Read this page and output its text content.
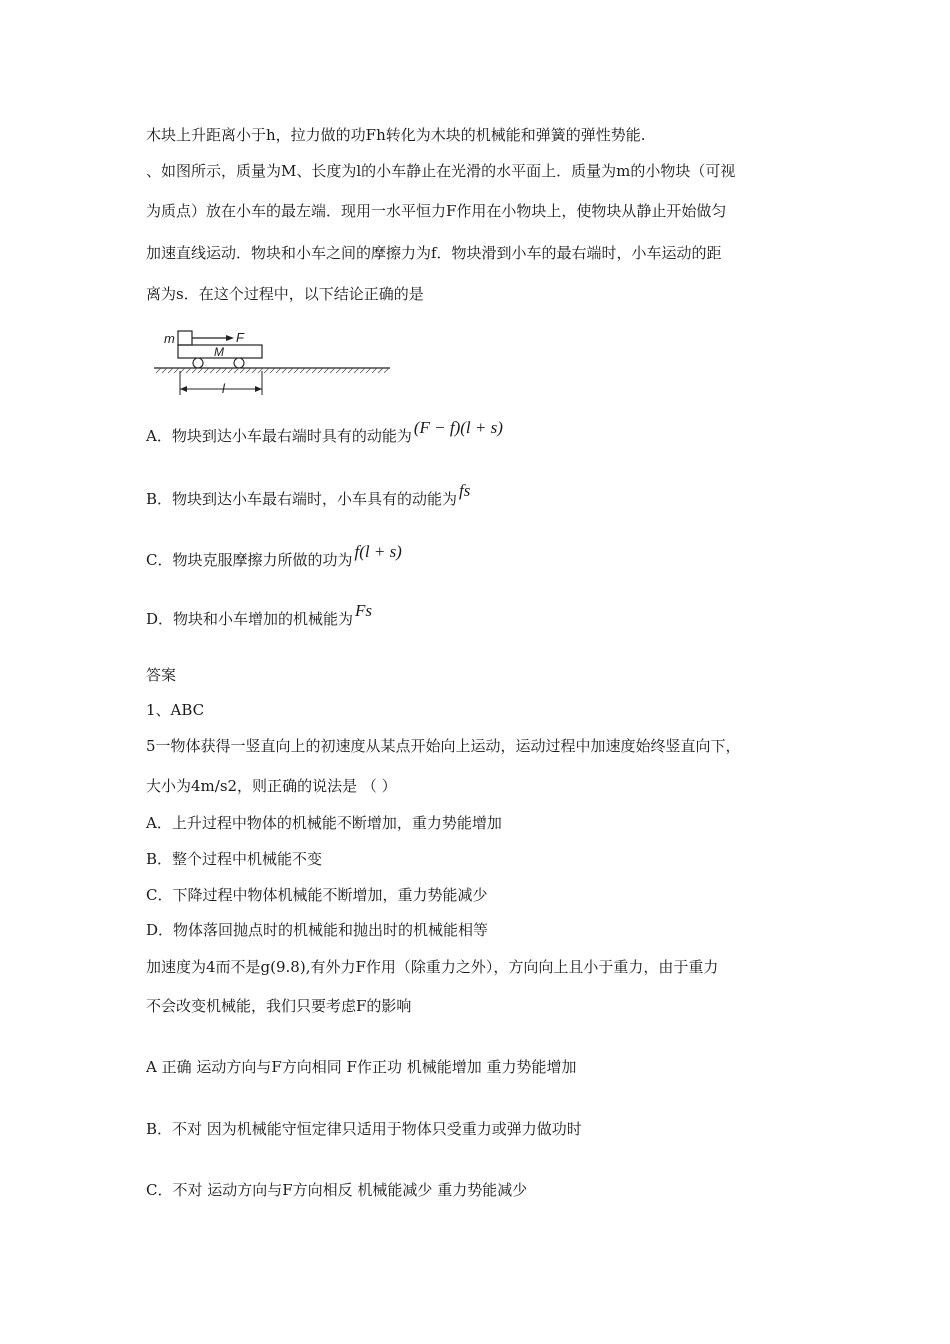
木块上升距离小于h，拉力做的功Fh转化为木块的机械能和弹簧的弹性势能.
、如图所示，质量为M、长度为l的小车静止在光滑的水平面上．质量为m的小物块（可视
为质点）放在小车的最左端．现用一水平恒力F作用在小物块上，使物块从静止开始做匀
加速直线运动．物块和小车之间的摩擦力为f．物块滑到小车的最右端时，小车运动的距
离为s．在这个过程中，以下结论正确的是
m	F
M
l
A．物块到达小车最右端时具有的动能为 (F − f)(l + s)
B．物块到达小车最右端时，小车具有的动能为 fs
C．物块克服摩擦力所做的功为 f(l + s)
D．物块和小车增加的机械能为 Fs
答案
1、ABC
5一物体获得一竖直向上的初速度从某点开始向上运动，运动过程中加速度始终竖直向下，
大小为4m/s2，则正确的说法是 （ ）
A．上升过程中物体的机械能不断增加，重力势能增加
B．整个过程中机械能不变
C．下降过程中物体机械能不断增加，重力势能减少
D．物体落回抛点时的机械能和抛出时的机械能相等
加速度为4而不是g(9.8),有外力F作用（除重力之外），方向向上且小于重力，由于重力
不会改变机械能，我们只要考虑F的影响
A 正确 运动方向与F方向相同 F作正功 机械能增加 重力势能增加
B．不对 因为机械能守恒定律只适用于物体只受重力或弹力做功时
C．不对 运动方向与F方向相反 机械能减少 重力势能减少
